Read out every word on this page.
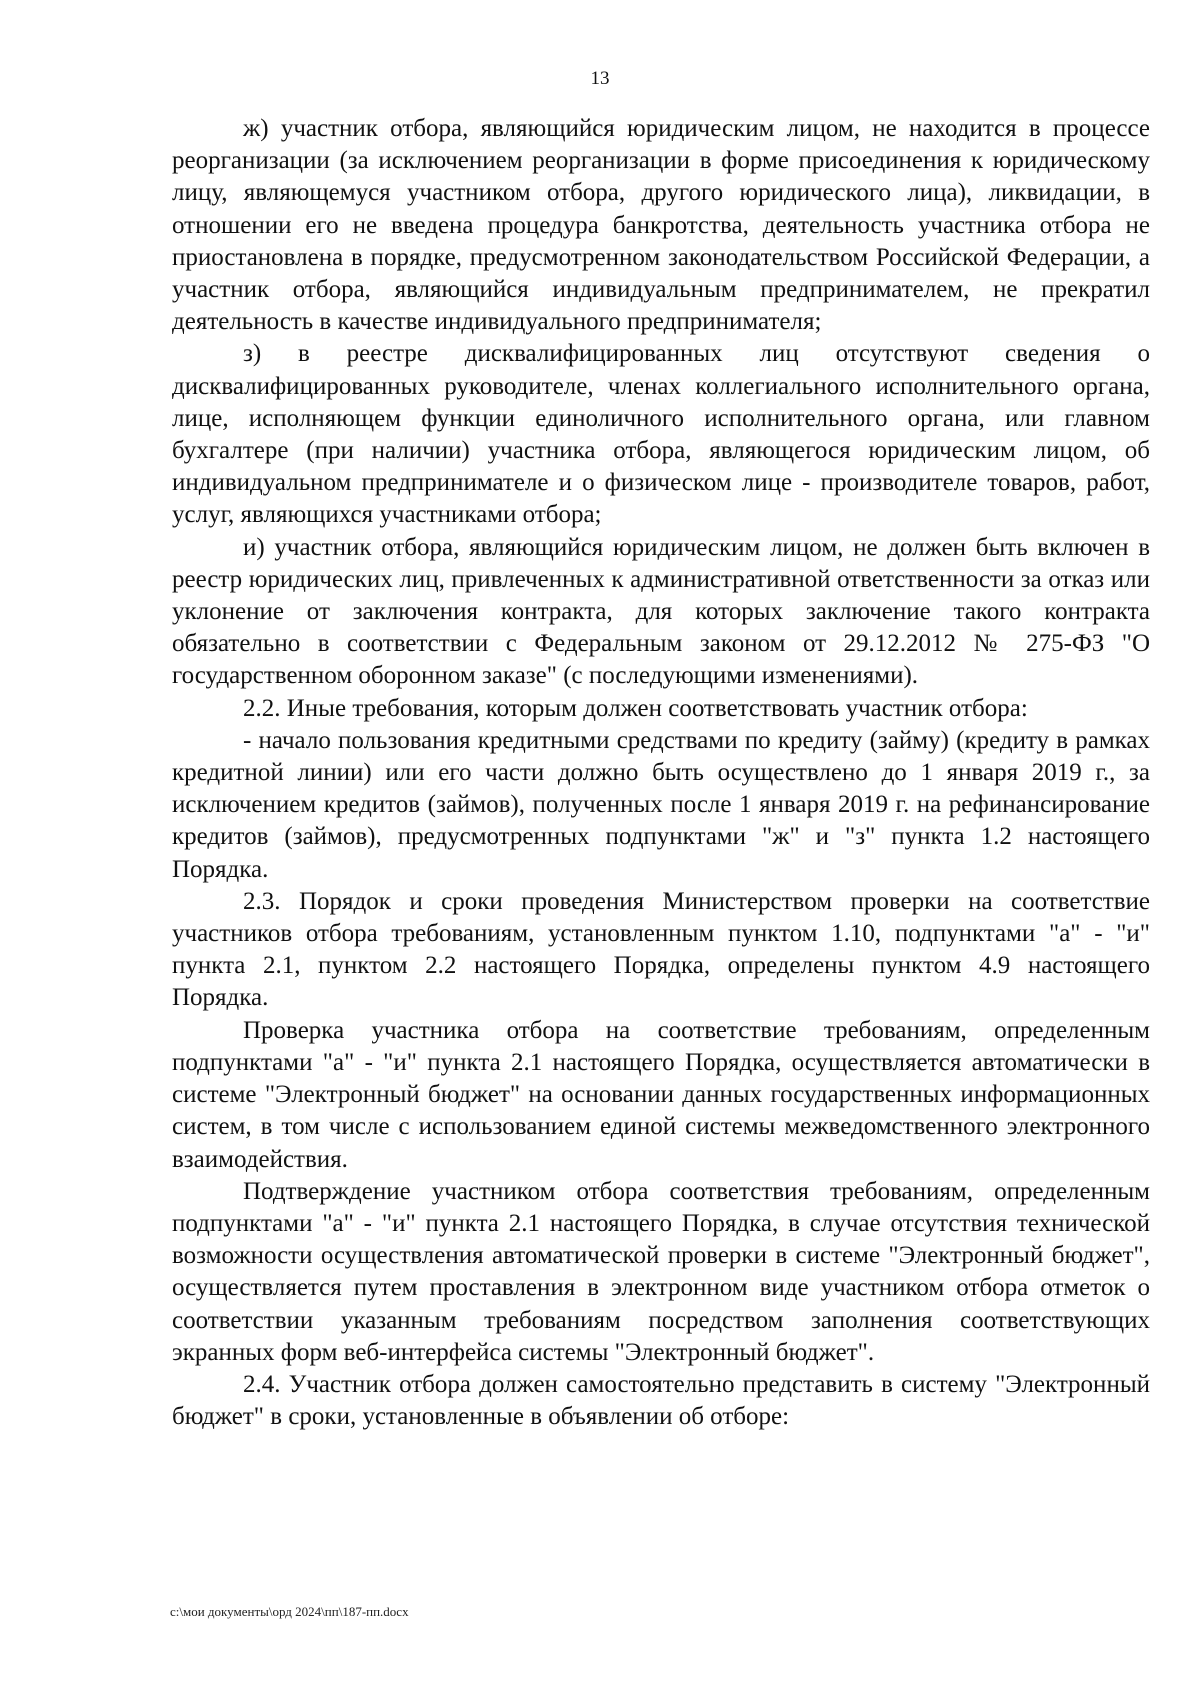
13

ж) участник отбора, являющийся юридическим лицом, не находится в процессе реорганизации (за исключением реорганизации в форме присоединения к юридическому лицу, являющемуся участником отбора, другого юридического лица), ликвидации, в отношении его не введена процедура банкротства, деятельность участника отбора не приостановлена в порядке, предусмотренном законодательством Российской Федерации, а участник отбора, являющийся индивидуальным предпринимателем, не прекратил деятельность в качестве индивидуального предпринимателя;

з) в реестре дисквалифицированных лиц отсутствуют сведения о дисквалифицированных руководителе, членах коллегиального исполнительного органа, лице, исполняющем функции единоличного исполнительного органа, или главном бухгалтере (при наличии) участника отбора, являющегося юридическим лицом, об индивидуальном предпринимателе и о физическом лице - производителе товаров, работ, услуг, являющихся участниками отбора;

и) участник отбора, являющийся юридическим лицом, не должен быть включен в реестр юридических лиц, привлеченных к административной ответственности за отказ или уклонение от заключения контракта, для которых заключение такого контракта обязательно в соответствии с Федеральным законом от 29.12.2012 № 275-ФЗ "О государственном оборонном заказе" (с последующими изменениями).

2.2. Иные требования, которым должен соответствовать участник отбора:

- начало пользования кредитными средствами по кредиту (займу) (кредиту в рамках кредитной линии) или его части должно быть осуществлено до 1 января 2019 г., за исключением кредитов (займов), полученных после 1 января 2019 г. на рефинансирование кредитов (займов), предусмотренных подпунктами "ж" и "з" пункта 1.2 настоящего Порядка.

2.3. Порядок и сроки проведения Министерством проверки на соответствие участников отбора требованиям, установленным пунктом 1.10, подпунктами "а" - "и" пункта 2.1, пунктом 2.2 настоящего Порядка, определены пунктом 4.9 настоящего Порядка.

Проверка участника отбора на соответствие требованиям, определенным подпунктами "а" - "и" пункта 2.1 настоящего Порядка, осуществляется автоматически в системе "Электронный бюджет" на основании данных государственных информационных систем, в том числе с использованием единой системы межведомственного электронного взаимодействия.

Подтверждение участником отбора соответствия требованиям, определенным подпунктами "а" - "и" пункта 2.1 настоящего Порядка, в случае отсутствия технической возможности осуществления автоматической проверки в системе "Электронный бюджет", осуществляется путем проставления в электронном виде участником отбора отметок о соответствии указанным требованиям посредством заполнения соответствующих экранных форм веб-интерфейса системы "Электронный бюджет".

2.4. Участник отбора должен самостоятельно представить в систему "Электронный бюджет" в сроки, установленные в объявлении об отборе:

c:\мои документы\орд 2024\пп\187-пп.docx
